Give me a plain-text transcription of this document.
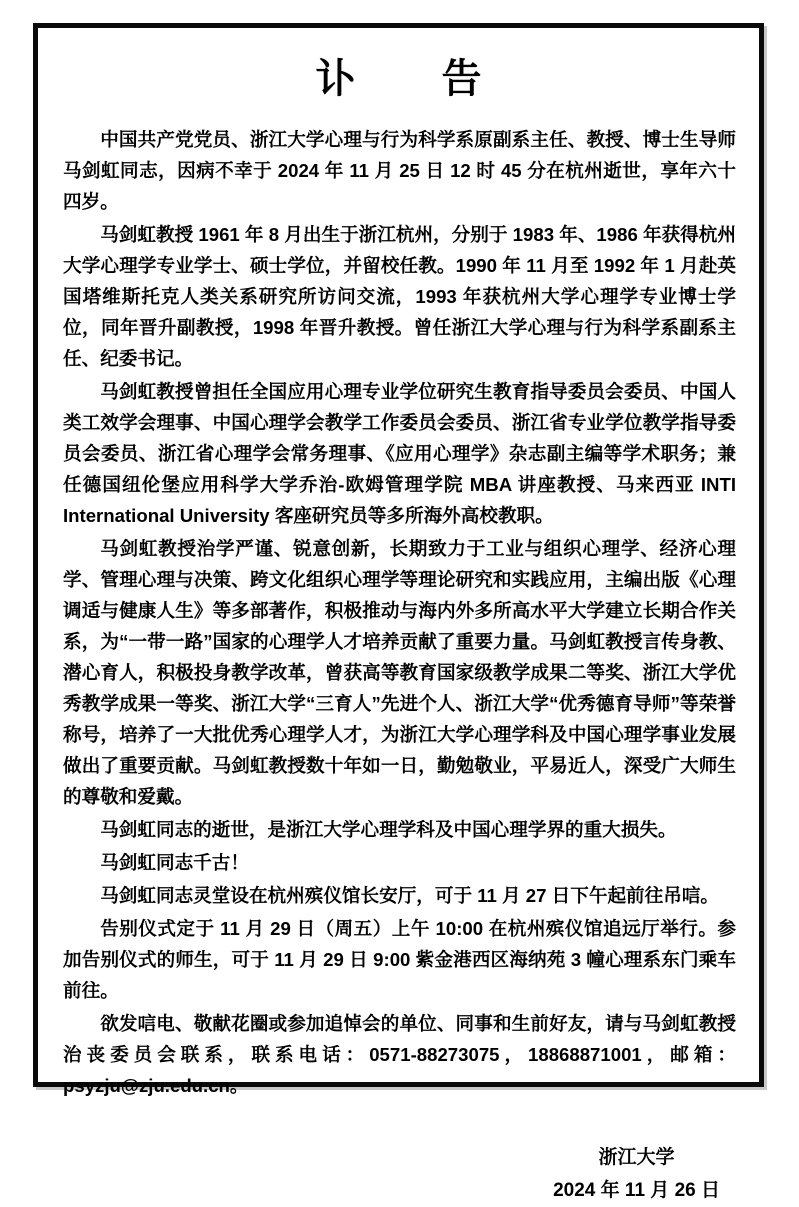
讣　　告

中国共产党党员、浙江大学心理与行为科学系原副系主任、教授、博士生导师马剑虹同志，因病不幸于 2024 年 11 月 25 日 12 时 45 分在杭州逝世，享年六十四岁。

马剑虹教授 1961 年 8 月出生于浙江杭州，分别于 1983 年、1986 年获得杭州大学心理学专业学士、硕士学位，并留校任教。1990 年 11 月至 1992 年 1 月赴英国塔维斯托克人类关系研究所访问交流，1993 年获杭州大学心理学专业博士学位，同年晋升副教授，1998 年晋升教授。曾任浙江大学心理与行为科学系副系主任、纪委书记。

马剑虹教授曾担任全国应用心理专业学位研究生教育指导委员会委员、中国人类工效学会理事、中国心理学会教学工作委员会委员、浙江省专业学位教学指导委员会委员、浙江省心理学会常务理事、《应用心理学》杂志副主编等学术职务；兼任德国纽伦堡应用科学大学乔治-欧姆管理学院 MBA 讲座教授、马来西亚 INTI International University 客座研究员等多所海外高校教职。

马剑虹教授治学严谨、锐意创新，长期致力于工业与组织心理学、经济心理学、管理心理与决策、跨文化组织心理学等理论研究和实践应用，主编出版《心理调适与健康人生》等多部著作，积极推动与海内外多所高水平大学建立长期合作关系，为“一带一路”国家的心理学人才培养贡献了重要力量。马剑虹教授言传身教、潜心育人，积极投身教学改革，曾获高等教育国家级教学成果二等奖、浙江大学优秀教学成果一等奖、浙江大学“三育人”先进个人、浙江大学“优秀德育导师”等荣誉称号，培养了一大批优秀心理学人才，为浙江大学心理学科及中国心理学事业发展做出了重要贡献。马剑虹教授数十年如一日，勤勉敬业，平易近人，深受广大师生的尊敬和爱戴。

马剑虹同志的逝世，是浙江大学心理学科及中国心理学界的重大损失。

马剑虹同志千古！

马剑虹同志灵堂设在杭州殡仪馆长安厅，可于 11 月 27 日下午起前往吊唁。

告别仪式定于 11 月 29 日（周五）上午 10:00 在杭州殡仪馆追远厅举行。参加告别仪式的师生，可于 11 月 29 日 9:00 紫金港西区海纳苑 3 幢心理系东门乘车前往。

欲发唁电、敬献花圈或参加追悼会的单位、同事和生前好友，请与马剑虹教授治丧委员会联系，联系电话：0571-88273075，18868871001，邮箱：psyzju@zju.edu.cn。

浙江大学
2024 年 11 月 26 日
